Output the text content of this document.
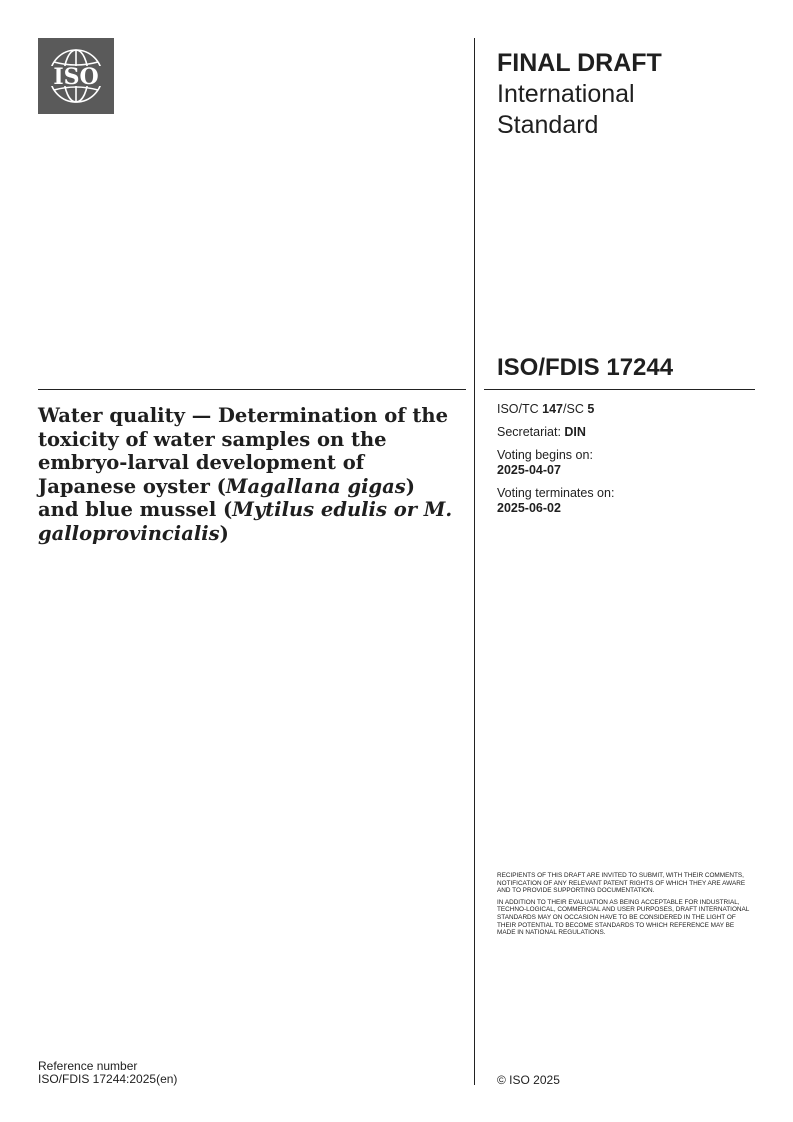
ISO	FINAL DRAFT
International
Standard
ISO/FDIS 17244
Water quality — Determination of the toxicity of water samples on the embryo-larval development of Japanese oyster (Magallana gigas) and blue mussel (Mytilus edulis or M. galloprovincialis)
ISO/TC 147/SC 5
Secretariat: DIN
Voting begins on:
2025-04-07
Voting terminates on:
2025-06-02

RECIPIENTS OF THIS DRAFT ARE INVITED TO SUBMIT, WITH THEIR COMMENTS, NOTIFICATION OF ANY RELEVANT PATENT RIGHTS OF WHICH THEY ARE AWARE AND TO PROVIDE SUPPORTING DOCUMENTATION.

IN ADDITION TO THEIR EVALUATION AS BEING ACCEPTABLE FOR INDUSTRIAL, TECHNO-LOGICAL, COMMERCIAL AND USER PURPOSES, DRAFT INTERNATIONAL STANDARDS MAY ON OCCASION HAVE TO BE CONSIDERED IN THE LIGHT OF THEIR POTENTIAL TO BECOME STANDARDS TO WHICH REFERENCE MAY BE MADE IN NATIONAL REGULATIONS.

Reference number
ISO/FDIS 17244:2025(en)	© ISO 2025
